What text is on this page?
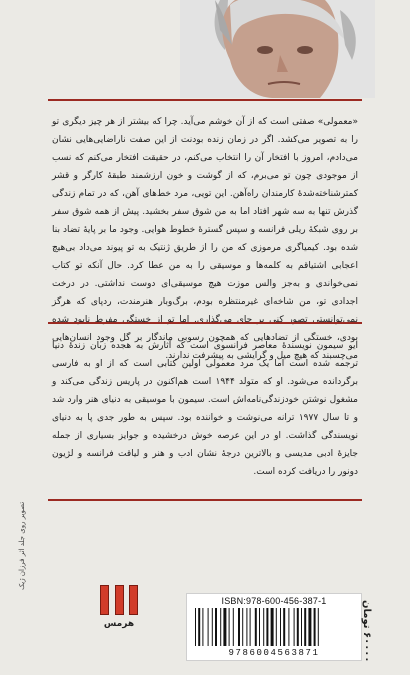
«معمولی» صفتی است که از آن خوشم می‌آید. چرا که بیشتر از هر چیز دیگری تو را به تصویر می‌کشد. اگر در زمان زنده بودنت از این صفت ناراضایی‌هایی نشان می‌دادم، امروز با افتخار آن را انتخاب می‌کنم، در حقیقت افتخار می‌کنم که نسب از موجودی چون تو می‌برم، که از گوشت و خون ارزشمند طبقهٔ کارگر و قشر کمترشناخته‌شدهٔ کارمندان راه‌آهن. این تویی، مرد خط‌های آهن، که در تمام زندگی گذرش تنها به سه شهر افتاد اما به من شوق سفر بخشید. پیش از همه شوق سفر بر روی شبکهٔ ریلی فرانسه و سپس گسترهٔ خطوط هوایی. وجود ما بر پایهٔ تضاد بنا شده بود. کیمیاگری مرموزی که من را از طریق ژنتیک به تو پیوند می‌داد بی‌هیچ اعجابی اشتیاقم به کلمه‌ها و موسیقی را به من عطا کرد. حال آنکه تو کتاب نمی‌خواندی و به‌جز والس موزت هیچ موسیقی‌ای دوست نداشتی. در درخت اجدادی تو، من شاخه‌ای غیرمنتظره بودم، برگ‌وبار هنرمندت، ردپای که هرگز نمی‌توانستی تصور کنی بر جای می‌گذاری. اما تو از خستگی مفرط نابود شده بودی، خستگی از تضادهایی که همچون رسوبی ماندگار بر گل وجود انسان‌هایی می‌چسبند که هیچ میل و گرایشی به پیشرفت ندارند.

ایو سیمون نویسندهٔ معاصر فرانسوی است که آثارش به هجده زبان زندهٔ دنیا ترجمه شده است اما یک مرد معمولی اولین کتابی است که از او به فارسی برگردانده می‌شود. او که متولد ۱۹۴۴ است هم‌اکنون در پاریس زندگی می‌کند و مشغول نوشتن خودزندگی‌نامه‌اش است. سیمون با موسیقی به دنیای هنر وارد شد و تا سال ۱۹۷۷ ترانه می‌نوشت و خواننده بود. سپس به طور جدی پا به دنیای نویسندگی گذاشت. او در این عرصه خوش درخشیده و جوایز بسیاری از جمله جایزهٔ ادبی مدیسی و بالاترین درجهٔ نشان ادب و هنر و لیاقت فرانسه و لژیون دونور را دریافت کرده است.

تصویر روی جلد اثر فرزان ژیک
هرمس
ISBN:978-600-456-387-1
9786004563871
۶۰۰۰۰ تومان
